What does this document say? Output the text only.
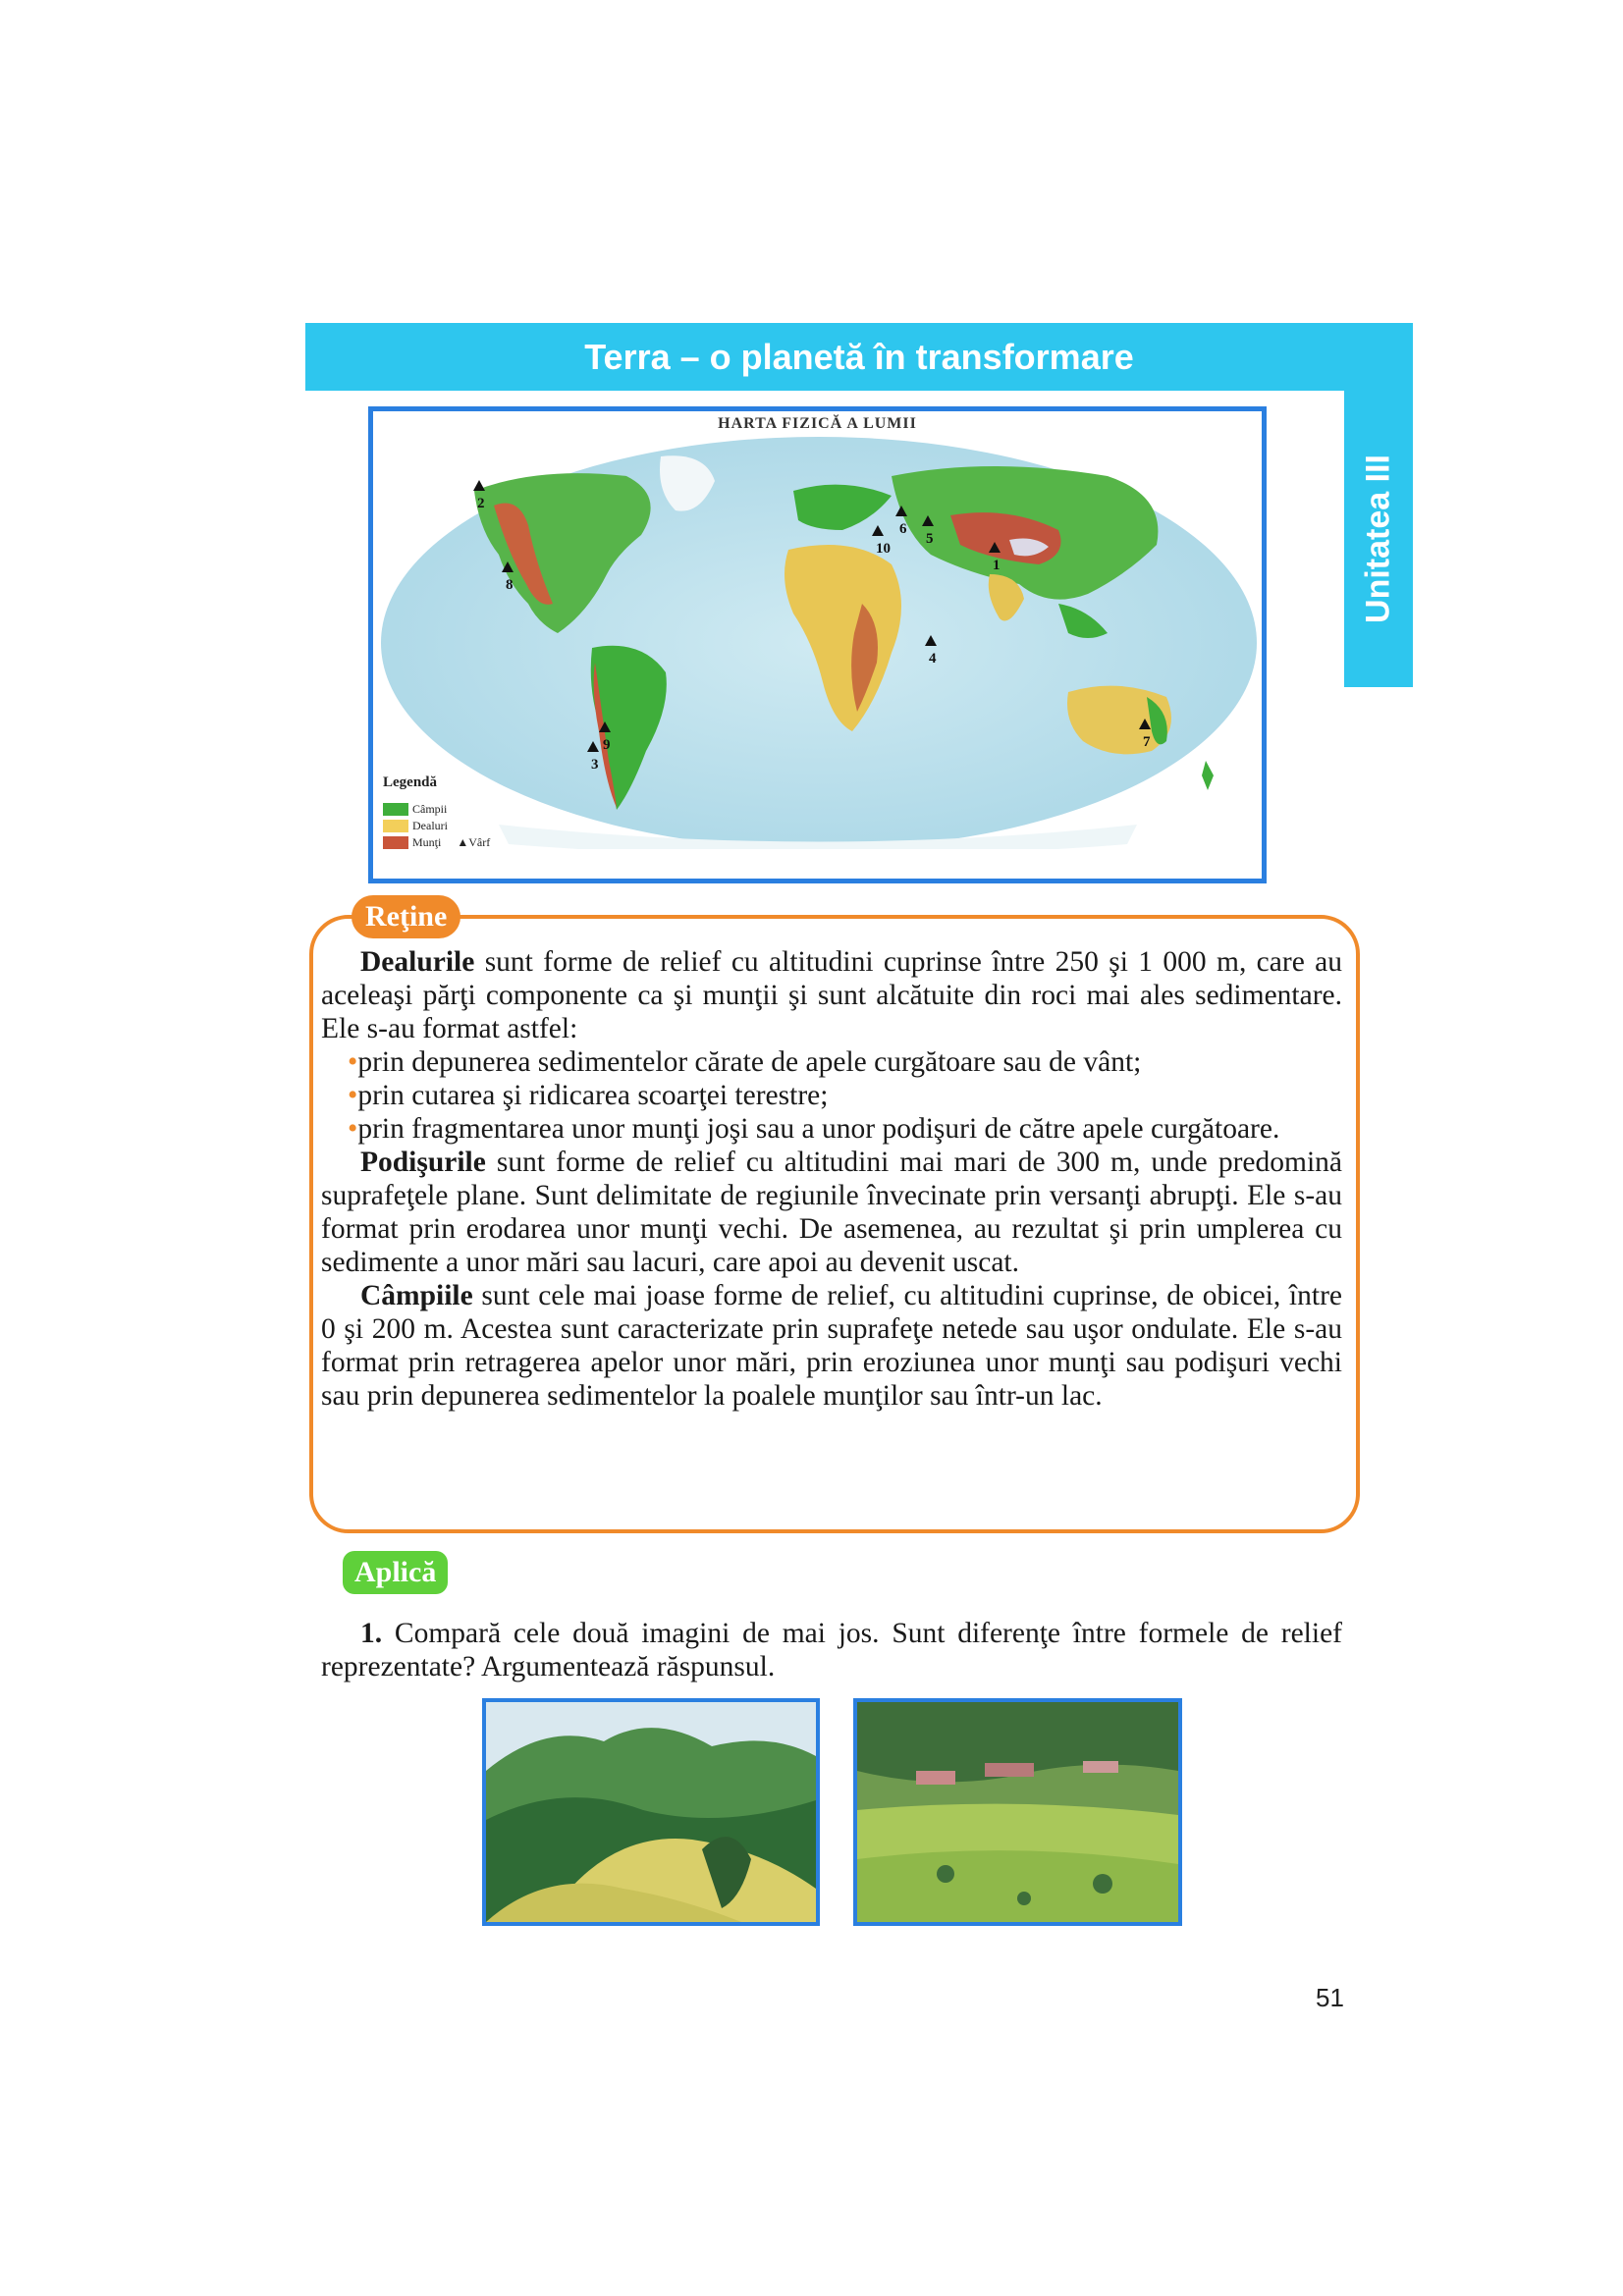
Terra – o planetă în transformare
Unitatea III
HARTA FIZICĂ A LUMII
1
2
3
4
5
6
7
8
9
10
Legendă
Câmpii
Dealuri
Munţi ▲ Vârf
Reţine

Dealurile sunt forme de relief cu altitudini cuprinse între 250 şi 1 000 m, care au aceleaşi părţi componente ca şi munţii şi sunt alcătuite din roci mai ales sedimentare. Ele s-au format astfel:

•prin depunerea sedimentelor cărate de apele curgătoare sau de vânt;

•prin cutarea şi ridicarea scoarţei terestre;

•prin fragmentarea unor munţi joşi sau a unor podişuri de către apele curgătoare.

Podişurile sunt forme de relief cu altitudini mai mari de 300 m, unde predomină suprafeţele plane. Sunt delimitate de regiunile învecinate prin versanţi abrupţi. Ele s-au format prin erodarea unor munţi vechi. De asemenea, au rezultat şi prin umplerea cu sedimente a unor mări sau lacuri, care apoi au devenit uscat.

Câmpiile sunt cele mai joase forme de relief, cu altitudini cuprinse, de obicei, între 0 şi 200 m. Acestea sunt caracterizate prin suprafeţe netede sau uşor ondulate. Ele s-au format prin retragerea apelor unor mări, prin eroziunea unor munţi sau podişuri vechi sau prin depunerea sedimentelor la poalele munţilor sau într-un lac.

Aplică

1. Compară cele două imagini de mai jos. Sunt diferenţe între formele de relief reprezentate? Argumentează răspunsul.

51
